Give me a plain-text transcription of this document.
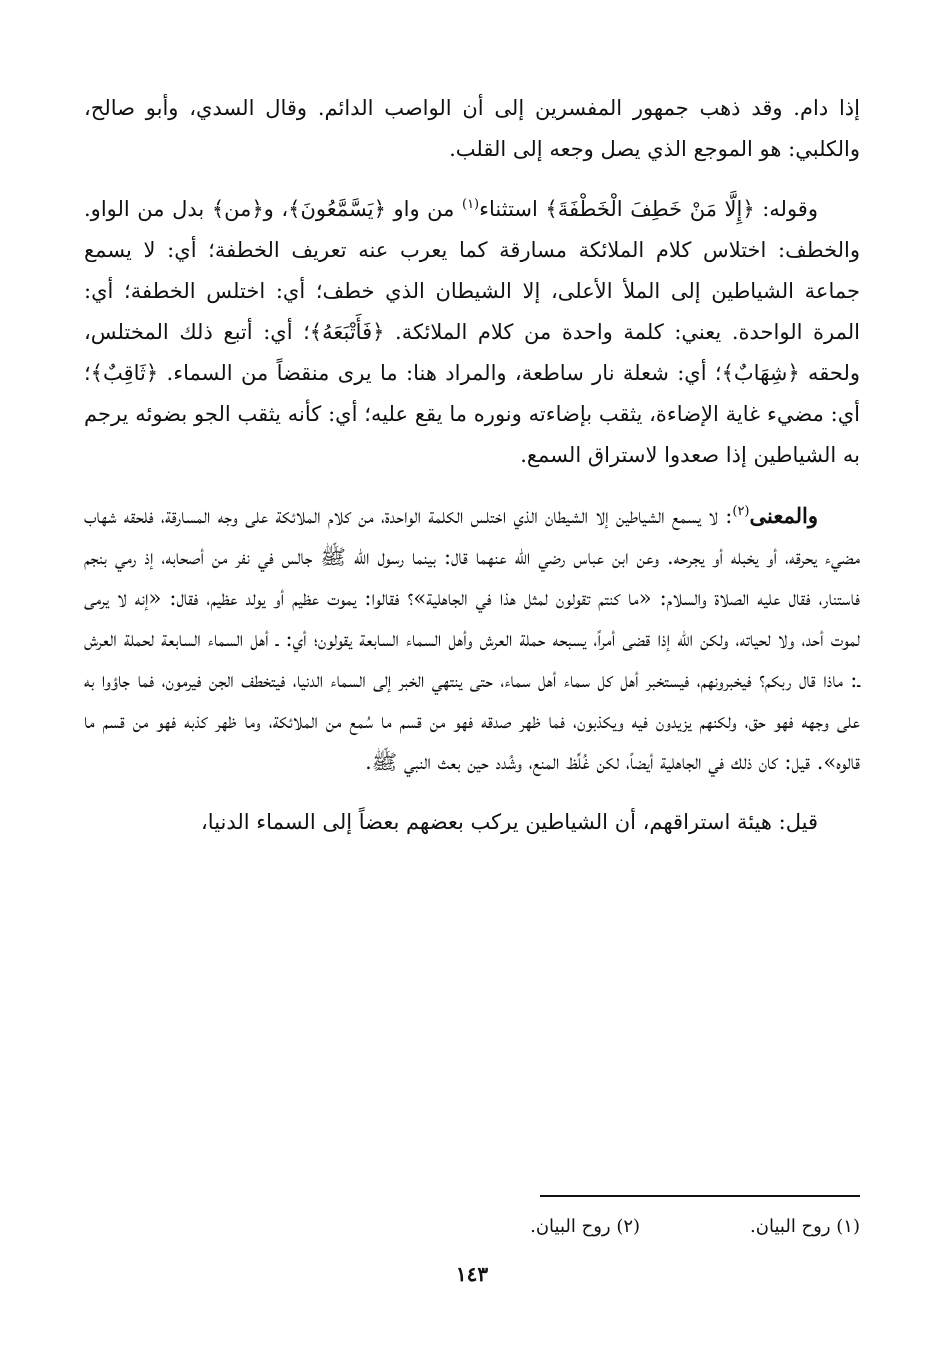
إذا دام. وقد ذهب جمهور المفسرين إلى أن الواصب الدائم. وقال السدي، وأبو صالح، والكلبي: هو الموجع الذي يصل وجعه إلى القلب.

وقوله: ﴿إِلَّا مَنْ خَطِفَ الْخَطْفَةَ﴾ استثناء$^{(١)}$ من واو ﴿يَسَّمَّعُونَ﴾، و﴿من﴾ بدل من الواو. والخطف: اختلاس كلام الملائكة مسارقة كما يعرب عنه تعريف الخطفة؛ أي: لا يسمع جماعة الشياطين إلى الملأ الأعلى، إلا الشيطان الذي خطف؛ أي: اختلس الخطفة؛ أي: المرة الواحدة. يعني: كلمة واحدة من كلام الملائكة. ﴿فَأَتْبَعَهُ﴾؛ أي: أتبع ذلك المختلس، ولحقه ﴿شِهَابٌ﴾؛ أي: شعلة نار ساطعة، والمراد هنا: ما يرى منقضاً من السماء. ﴿ثَاقِبٌ﴾؛ أي: مضيء غاية الإضاءة، يثقب بإضاءته ونوره ما يقع عليه؛ أي: كأنه يثقب الجو بضوئه يرجم به الشياطين إذا صعدوا لاستراق السمع.

والمعنى$^{(٢)}$: لا يسمع الشياطين إلا الشيطان الذي اختلس الكلمة الواحدة، من كلام الملائكة على وجه المسارقة، فلحقه شهاب مضيء يحرقه، أو يخبله أو يجرحه. وعن ابن عباس رضي الله عنهما قال: بينما رسول الله ﷺ جالس في نفر من أصحابه، إذ رمي بنجم فاستنار، فقال عليه الصلاة والسلام: «ما كنتم تقولون لمثل هذا في الجاهلية»؟ فقالوا: يموت عظيم أو يولد عظيم، فقال: «إنه لا يرمى لموت أحد، ولا لحياته، ولكن الله إذا قضى أمراً، يسبحه حملة العرش وأهل السماء السابعة يقولون؛ أي: ـ أهل السماء السابعة لحملة العرش ـ: ماذا قال ربكم؟ فيخبرونهم، فيستخبر أهل كل سماء أهل سماء، حتى ينتهي الخبر إلى السماء الدنيا، فيتخطف الجن فيرمون، فما جاؤوا به على وجهه فهو حق، ولكنهم يزيدون فيه ويكذبون، فما ظهر صدقه فهو من قسم ما سُمع من الملائكة، وما ظهر كذبه فهو من قسم ما قالوه». قيل: كان ذلك في الجاهلية أيضاً، لكن غُلِّظ المنع، وشُدد حين بعث النبي ﷺ.

قيل: هيئة استراقهم، أن الشياطين يركب بعضهم بعضاً إلى السماء الدنيا،

(١) روح البيان.
(٢) روح البيان.
١٤٣
